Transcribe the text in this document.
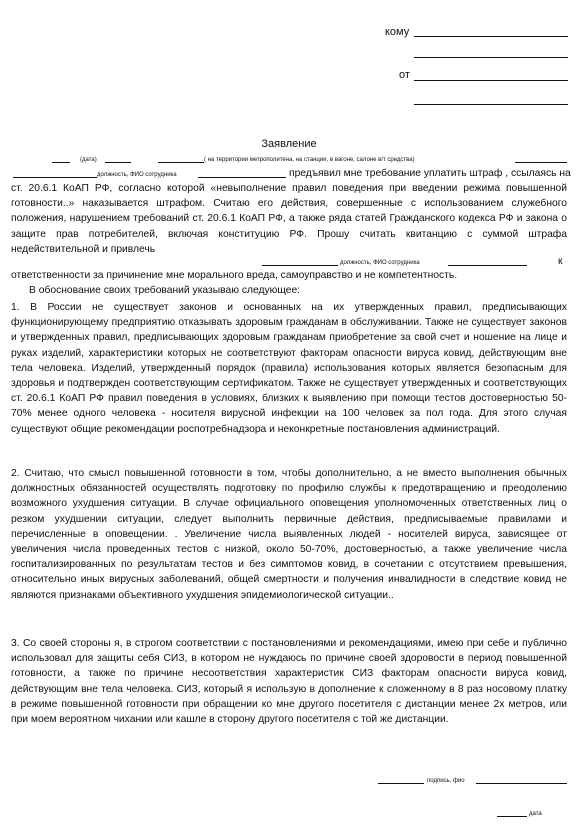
кому
от
Заявление
(дата)	( на территории метрополитена, на станции, в вагоне, салоне в/т средства)
должность, ФИО сотрудника	предъявил мне требование уплатить штраф , ссылаясь на

ст. 20.6.1 КоАП РФ, согласно которой «невыполнение правил поведения при введении режима повышенной готовности..» наказывается штрафом. Считаю его действия, совершенные с использованием служебного положения, нарушением требований ст. 20.6.1 КоАП РФ, а также ряда статей Гражданского кодекса РФ и закона о защите прав потребителей, включая конституцию РФ. Прошу считать квитанцию с суммой штрафа недействительной и привлечь

должность, ФИО сотрудника	к
ответственности за причинение мне морального вреда, самоуправство и не компетентность.
В обоснование своих требований указываю следующее:

1. В России не существует законов и основанных на их утвержденных правил, предписывающих функционирующему предприятию отказывать здоровым гражданам в обслуживании. Также не существует законов и утвержденных правил, предписывающих здоровым гражданам приобретение за свой счет и ношение на лице и руках изделий, характеристики которых не соответствуют факторам опасности вируса ковид, действующим вне тела человека. Изделий, утвержденный порядок (правила) использования которых является безопасным для здоровья и подтвержден соответствующим сертификатом. Также не существует утвержденных и соответствующих ст. 20.6.1 КоАП РФ правил поведения в условиях, близких к выявлению при помощи тестов достоверностью 50-70% менее одного человека - носителя вирусной инфекции на 100 человек за пол года. Для этого случая существуют общие рекомендации роспотребнадзора и неконкретные постановления администраций.

2. Считаю, что смысл повышенной готовности в том, чтобы дополнительно, а не вместо выполнения обычных должностных обязанностей осуществлять подготовку по профилю службы к предотвращению и преодолению возможного ухудшения ситуации. В случае официального оповещения уполномоченных ответственных лиц о резком ухудшении ситуации, следует выполнить первичные действия, предписываемые правилами и перечисленные в оповещении. . Увеличение числа выявленных людей - носителей вируса, зависящее от увеличения числа проведенных тестов с низкой, около 50-70%, достоверностью, а также увеличение числа госпитализированных по результатам тестов и без симптомов ковид, в сочетании с отсутствием превышения, относительно иных вирусных заболеваний, общей смертности и получения инвалидности в следствие ковид не являются признаками объективного ухудшения эпидемиологической ситуации..

3. Со своей стороны я, в строгом соответствии с постановлениями и рекомендациями, имею при себе и публично использовал для защиты себя СИЗ, в котором не нуждаюсь по причине своей здоровости в период повышенной готовности, а также по причине несоответствия характеристик СИЗ факторам опасности вируса ковид, действующим вне тела человека. СИЗ, который я использую в дополнение к сложенному в 8 раз носовому платку в режиме повышенной готовности при обращении ко мне другого посетителя с дистанции менее 2х метров, или при моем вероятном чихании или кашле в сторону другого посетителя с той же дистанции.

подпись, фио
дата
